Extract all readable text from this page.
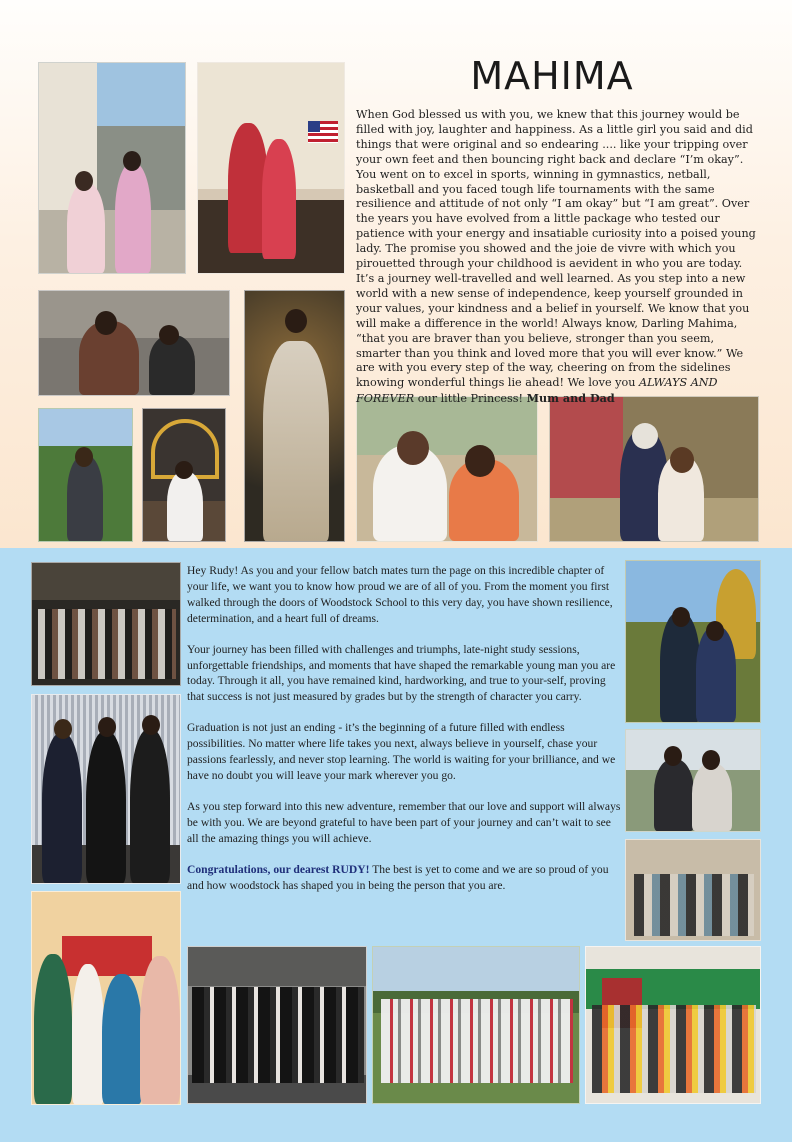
MAHIMA

When God blessed us with you, we knew that this journey would be filled with joy, laughter and happiness. As a little girl you said and did things that were original and so endearing .... like your tripping over your own feet and then bouncing right back and declare “I’m okay”. You went on to excel in sports, winning in gymnastics, netball, basketball and you faced tough life tournaments with the same resilience and attitude of not only “I am okay” but “I am great”. Over the years you have evolved from a little package who tested our patience with your energy and insatiable curiosity into a poised young lady. The promise you showed and the joie de vivre with which you pirouetted through your childhood is aevident in who you are today. It’s a journey well-travelled and well learned. As you step into a new world with a new sense of independence, keep yourself grounded in your values, your kindness and a belief in yourself. We know that you will make a difference in the world! Always know, Darling Mahima, “that you are braver than you believe, stronger than you seem, smarter than you think and loved more that you will ever know.” We are with you every step of the way, cheering on from the sidelines knowing wonderful things lie ahead! We love you ALWAYS AND FOREVER our little Princess! Mum and Dad

Hey Rudy! As you and your fellow batch mates turn the page on this incredible chapter of your life, we want you to know how proud we are of all of you. From the moment you first walked through the doors of Woodstock School to this very day, you have shown resilience, determination, and a heart full of dreams.

Your journey has been filled with challenges and triumphs, late-night study sessions, unforgettable friendships, and moments that have shaped the remarkable young man you are today. Through it all, you have remained kind, hardworking, and true to your-self, proving that success is not just measured by grades but by the strength of character you carry.

Graduation is not just an ending - it’s the beginning of a future filled with endless possibilities. No matter where life takes you next, always believe in yourself, chase your passions fearlessly, and never stop learning. The world is waiting for your brilliance, and we have no doubt you will leave your mark wherever you go.

As you step forward into this new adventure, remember that our love and support will always be with you. We are beyond grateful to have been part of your journey and can’t wait to see all the amazing things you will achieve.

Congratulations, our dearest RUDY! The best is yet to come and we are so proud of you and how woodstock has shaped you in being the person that you are.
